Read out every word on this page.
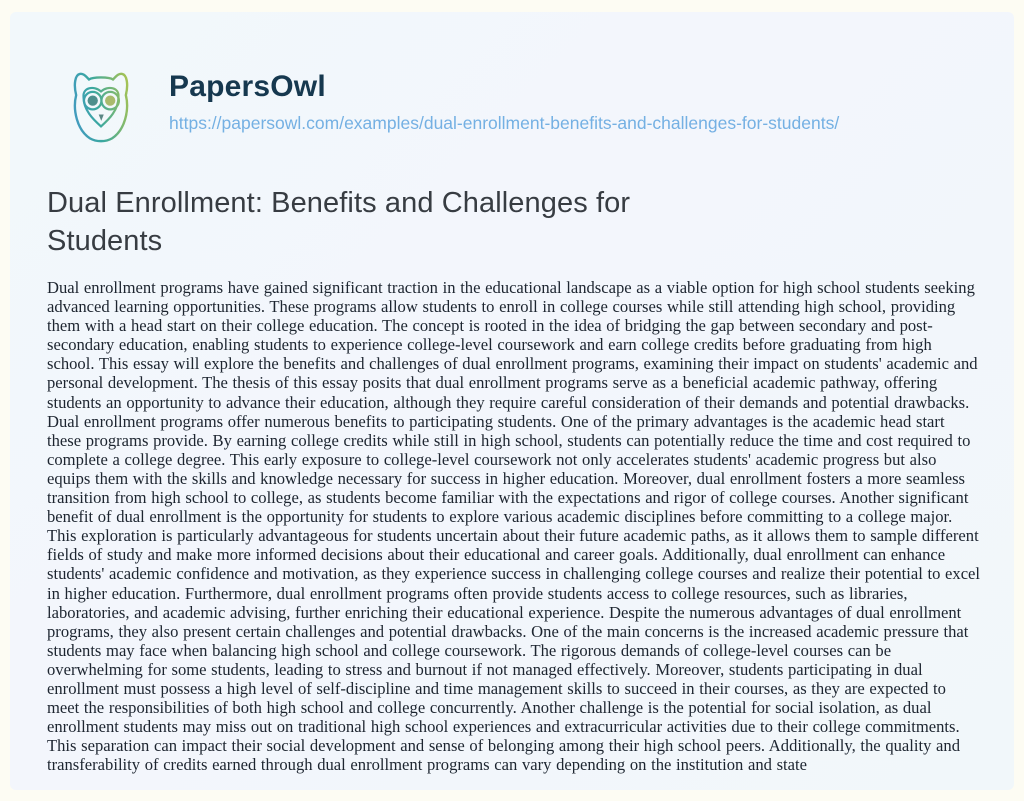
PapersOwl
https://papersowl.com/examples/dual-enrollment-benefits-and-challenges-for-students/
Dual Enrollment: Benefits and Challenges for Students

Dual enrollment programs have gained significant traction in the educational landscape as a viable option for high school students seeking advanced learning opportunities. These programs allow students to enroll in college courses while still attending high school, providing them with a head start on their college education. The concept is rooted in the idea of bridging the gap between secondary and post-secondary education, enabling students to experience college-level coursework and earn college credits before graduating from high school. This essay will explore the benefits and challenges of dual enrollment programs, examining their impact on students' academic and personal development. The thesis of this essay posits that dual enrollment programs serve as a beneficial academic pathway, offering students an opportunity to advance their education, although they require careful consideration of their demands and potential drawbacks. Dual enrollment programs offer numerous benefits to participating students. One of the primary advantages is the academic head start these programs provide. By earning college credits while still in high school, students can potentially reduce the time and cost required to complete a college degree. This early exposure to college-level coursework not only accelerates students' academic progress but also equips them with the skills and knowledge necessary for success in higher education. Moreover, dual enrollment fosters a more seamless transition from high school to college, as students become familiar with the expectations and rigor of college courses. Another significant benefit of dual enrollment is the opportunity for students to explore various academic disciplines before committing to a college major. This exploration is particularly advantageous for students uncertain about their future academic paths, as it allows them to sample different fields of study and make more informed decisions about their educational and career goals. Additionally, dual enrollment can enhance students' academic confidence and motivation, as they experience success in challenging college courses and realize their potential to excel in higher education. Furthermore, dual enrollment programs often provide students access to college resources, such as libraries, laboratories, and academic advising, further enriching their educational experience. Despite the numerous advantages of dual enrollment programs, they also present certain challenges and potential drawbacks. One of the main concerns is the increased academic pressure that students may face when balancing high school and college coursework. The rigorous demands of college-level courses can be overwhelming for some students, leading to stress and burnout if not managed effectively. Moreover, students participating in dual enrollment must possess a high level of self-discipline and time management skills to succeed in their courses, as they are expected to meet the responsibilities of both high school and college concurrently. Another challenge is the potential for social isolation, as dual enrollment students may miss out on traditional high school experiences and extracurricular activities due to their college commitments. This separation can impact their social development and sense of belonging among their high school peers. Additionally, the quality and transferability of credits earned through dual enrollment programs can vary depending on the institution and state
